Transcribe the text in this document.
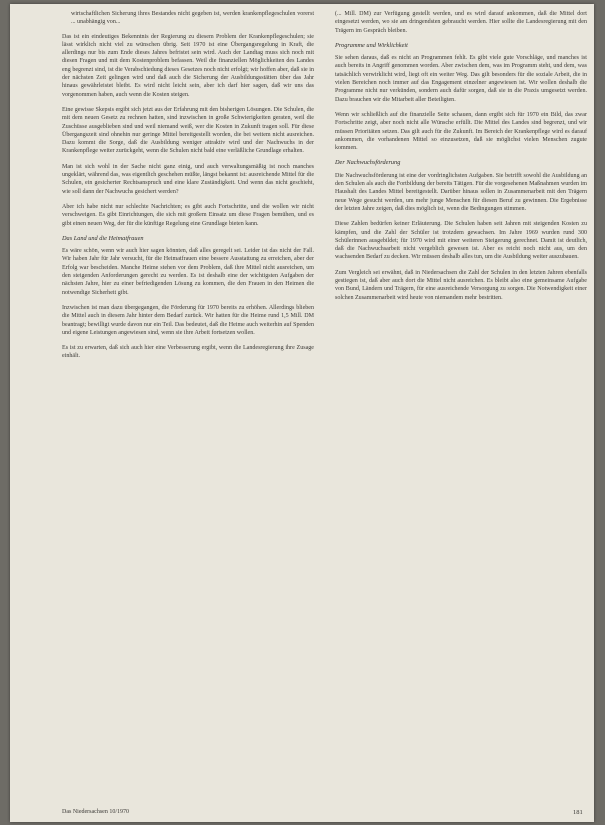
wirtschaftlichen Sicherung ihres Bestandes nicht gegeben ist, werden krankenpflegeschulen vorerst ... unabhängig von...

Das ist ein eindeutiges Bekenntnis der Regierung zu diesem Problem der Krankenpflegeschulen; sie lässt wirklich nicht viel zu wünschen übrig. Seit 1970 ist eine Übergangsregelung in Kraft, die allerdings nur bis zum Ende dieses Jahres befristet sein wird. Auch der Landtag muss sich noch mit diesen Fragen und mit dem Kostenproblem befassen. Weil die finanziellen Möglichkeiten des Landes eng begrenzt sind, ist die Verabschiedung dieses Gesetzes noch nicht erfolgt; wir hoffen aber, daß sie in der nächsten Zeit gelingen wird und daß auch die Sicherung der Ausbildungsstätten über das Jahr hinaus gewährleistet bleibt. Es wird nicht leicht sein, aber ich darf hier sagen, daß wir uns das vorgenommen haben, auch wenn die Kosten steigen.

Eine gewisse Skepsis ergibt sich jetzt aus der Erfahrung mit den bisherigen Lösungen. Die Schulen, die mit dem neuen Gesetz zu rechnen hatten, sind inzwischen in große Schwierigkeiten geraten, weil die Zuschüsse ausgeblieben sind und weil niemand weiß, wer die Kosten in Zukunft tragen soll. Für diese Übergangszeit sind ohnehin nur geringe Mittel bereitgestellt worden, die bei weitem nicht ausreichen. Dazu kommt die Sorge, daß die Ausbildung weniger attraktiv wird und der Nachwuchs in der Krankenpflege weiter zurückgeht, wenn die Schulen nicht bald eine verläßliche Grundlage erhalten.

Man ist sich wohl in der Sache nicht ganz einig, und auch verwaltungsmäßig ist noch manches ungeklärt, während das, was eigentlich geschehen müßte, längst bekannt ist: ausreichende Mittel für die Schulen, ein gesicherter Rechtsanspruch und eine klare Zuständigkeit. Und wenn das nicht geschieht, wie soll dann der Nachwuchs gesichert werden?

Aber ich habe nicht nur schlechte Nachrichten; es gibt auch Fortschritte, und die wollen wir nicht verschweigen. Es gibt Einrichtungen, die sich mit großem Einsatz um diese Fragen bemühen, und es gibt einen neuen Weg, der für die künftige Regelung eine Grundlage bieten kann.

Das Land und die Heimatfrauen

Es wäre schön, wenn wir auch hier sagen könnten, daß alles geregelt sei. Leider ist das nicht der Fall. Wir haben Jahr für Jahr versucht, für die Heimatfrauen eine bessere Ausstattung zu erreichen, aber der Erfolg war bescheiden. Manche Heime stehen vor dem Problem, daß ihre Mittel nicht ausreichen, um den steigenden Anforderungen gerecht zu werden. Es ist deshalb eine der wichtigsten Aufgaben der nächsten Jahre, hier zu einer befriedigenden Lösung zu kommen, die den Frauen in den Heimen die notwendige Sicherheit gibt.

Inzwischen ist man dazu übergegangen, die Förderung für 1970 bereits zu erhöhen. Allerdings blieben die Mittel auch in diesem Jahr hinter dem Bedarf zurück. Wir hatten für die Heime rund 1,5 Mill. DM beantragt; bewilligt wurde davon nur ein Teil. Das bedeutet, daß die Heime auch weiterhin auf Spenden und eigene Leistungen angewiesen sind, wenn sie ihre Arbeit fortsetzen wollen.

Es ist zu erwarten, daß sich auch hier eine Verbesserung ergibt, wenn die Landesregierung ihre Zusage einhält.

(... Mill. DM) zur Verfügung gestellt werden, und es wird darauf ankommen, daß die Mittel dort eingesetzt werden, wo sie am dringendsten gebraucht werden. Hier sollte die Landesregierung mit den Trägern im Gespräch bleiben.

Programme und Wirklichkeit

Sie sehen daraus, daß es nicht an Programmen fehlt. Es gibt viele gute Vorschläge, und manches ist auch bereits in Angriff genommen worden. Aber zwischen dem, was im Programm steht, und dem, was tatsächlich verwirklicht wird, liegt oft ein weiter Weg. Das gilt besonders für die soziale Arbeit, die in vielen Bereichen noch immer auf das Engagement einzelner angewiesen ist. Wir wollen deshalb die Programme nicht nur verkünden, sondern auch dafür sorgen, daß sie in die Praxis umgesetzt werden. Dazu brauchen wir die Mitarbeit aller Beteiligten.

Wenn wir schließlich auf die finanzielle Seite schauen, dann ergibt sich für 1970 ein Bild, das zwar Fortschritte zeigt, aber noch nicht alle Wünsche erfüllt. Die Mittel des Landes sind begrenzt, und wir müssen Prioritäten setzen. Das gilt auch für die Zukunft. Im Bereich der Krankenpflege wird es darauf ankommen, die vorhandenen Mittel so einzusetzen, daß sie möglichst vielen Menschen zugute kommen.

Der Nachwuchsförderung

Die Nachwuchsförderung ist eine der vordringlichsten Aufgaben. Sie betrifft sowohl die Ausbildung an den Schulen als auch die Fortbildung der bereits Tätigen. Für die vorgesehenen Maßnahmen wurden im Haushalt des Landes Mittel bereitgestellt. Darüber hinaus sollen in Zusammenarbeit mit den Trägern neue Wege gesucht werden, um mehr junge Menschen für diesen Beruf zu gewinnen. Die Ergebnisse der letzten Jahre zeigen, daß dies möglich ist, wenn die Bedingungen stimmen.

Diese Zahlen bedürfen keiner Erläuterung. Die Schulen haben seit Jahren mit steigenden Kosten zu kämpfen, und die Zahl der Schüler ist trotzdem gewachsen. Im Jahre 1969 wurden rund 300 Schülerinnen ausgebildet; für 1970 wird mit einer weiteren Steigerung gerechnet. Damit ist deutlich, daß die Nachwuchsarbeit nicht vergeblich gewesen ist. Aber es reicht noch nicht aus, um den wachsenden Bedarf zu decken. Wir müssen deshalb alles tun, um die Ausbildung weiter auszubauen.

Zum Vergleich sei erwähnt, daß in Niedersachsen die Zahl der Schulen in den letzten Jahren ebenfalls gestiegen ist, daß aber auch dort die Mittel nicht ausreichen. Es bleibt also eine gemeinsame Aufgabe von Bund, Ländern und Trägern, für eine ausreichende Versorgung zu sorgen. Die Notwendigkeit einer solchen Zusammenarbeit wird heute von niemandem mehr bestritten.

Das Niedersachsen 10/1970	181
